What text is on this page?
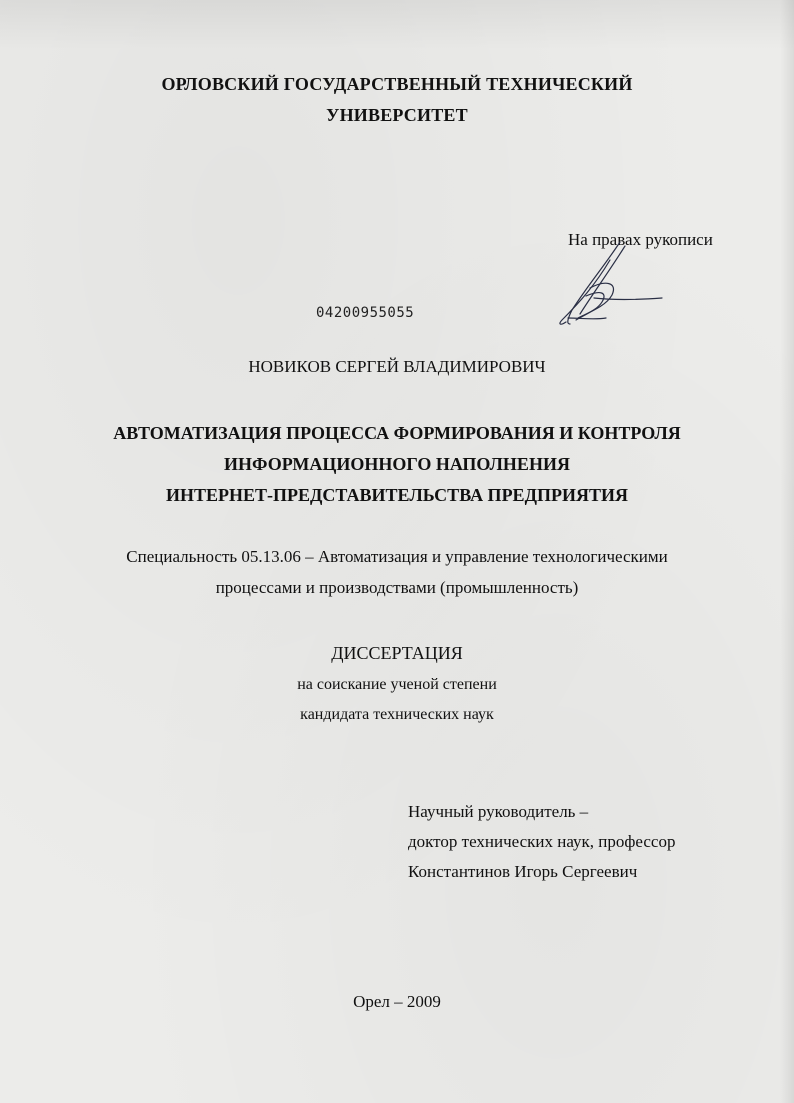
ОРЛОВСКИЙ ГОСУДАРСТВЕННЫЙ ТЕХНИЧЕСКИЙ
УНИВЕРСИТЕТ
На правах рукописи
04200955055
НОВИКОВ СЕРГЕЙ ВЛАДИМИРОВИЧ
АВТОМАТИЗАЦИЯ ПРОЦЕССА ФОРМИРОВАНИЯ И КОНТРОЛЯ
ИНФОРМАЦИОННОГО НАПОЛНЕНИЯ
ИНТЕРНЕТ-ПРЕДСТАВИТЕЛЬСТВА ПРЕДПРИЯТИЯ
Специальность 05.13.06 – Автоматизация и управление технологическими
процессами и производствами (промышленность)
ДИССЕРТАЦИЯ
на соискание ученой степени
кандидата технических наук
Научный руководитель –
доктор технических наук, профессор
Константинов Игорь Сергеевич
Орел – 2009
